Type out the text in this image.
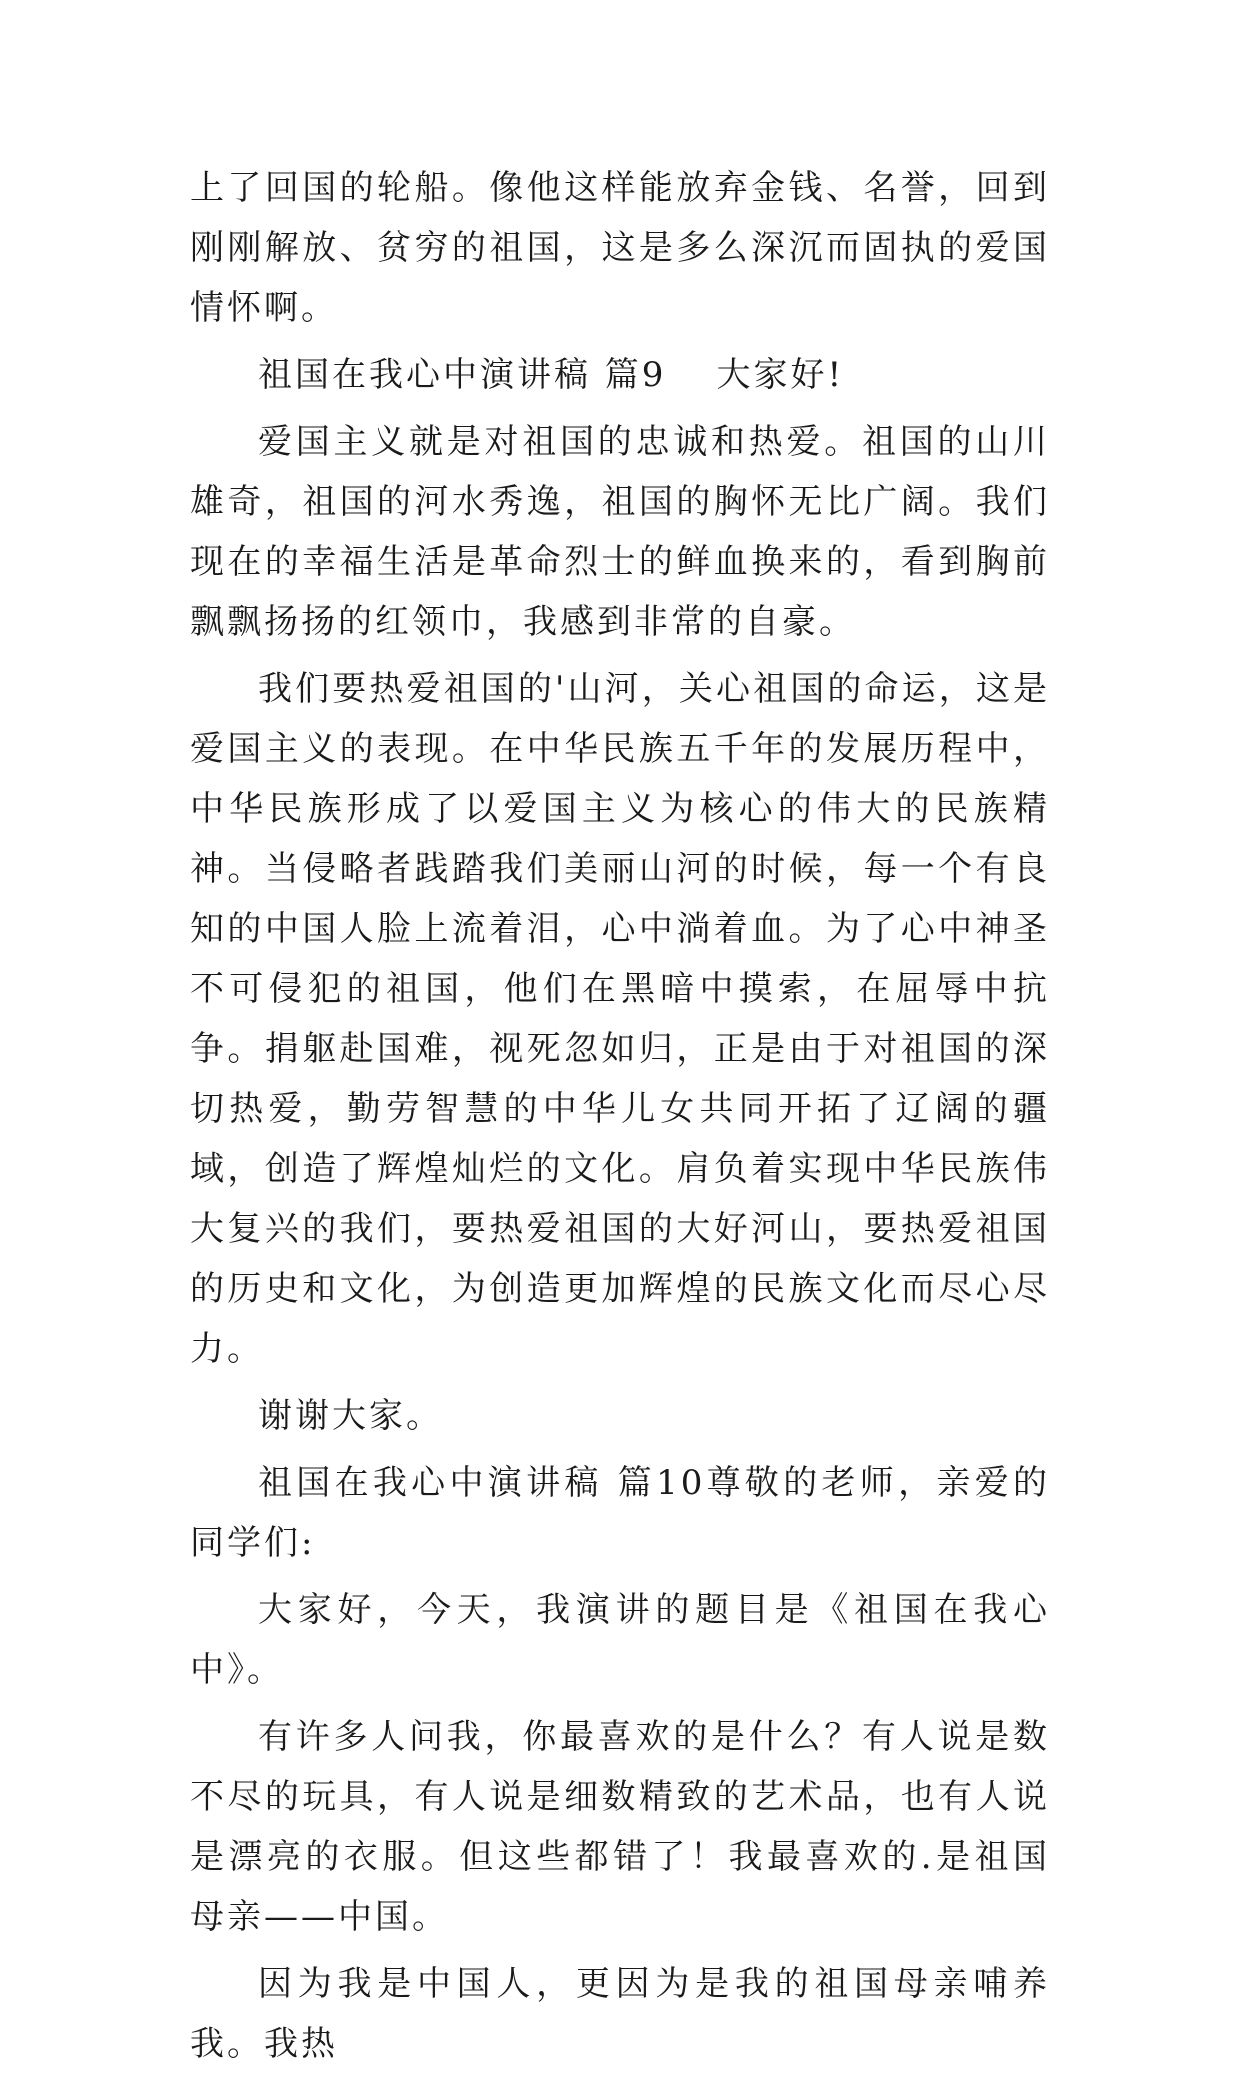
上了回国的轮船。像他这样能放弃金钱、名誉，回到刚刚解放、贫穷的祖国，这是多么深沉而固执的爱国情怀啊。

祖国在我心中演讲稿 篇9 大家好!

爱国主义就是对祖国的忠诚和热爱。祖国的山川雄奇，祖国的河水秀逸，祖国的胸怀无比广阔。我们现在的幸福生活是革命烈士的鲜血换来的，看到胸前飘飘扬扬的红领巾，我感到非常的自豪。

我们要热爱祖国的'山河，关心祖国的命运，这是爱国主义的表现。在中华民族五千年的发展历程中，中华民族形成了以爱国主义为核心的伟大的民族精神。当侵略者践踏我们美丽山河的时候，每一个有良知的中国人脸上流着泪，心中淌着血。为了心中神圣不可侵犯的祖国，他们在黑暗中摸索，在屈辱中抗争。捐躯赴国难，视死忽如归，正是由于对祖国的深切热爱，勤劳智慧的中华儿女共同开拓了辽阔的疆域，创造了辉煌灿烂的文化。肩负着实现中华民族伟大复兴的我们，要热爱祖国的大好河山，要热爱祖国的历史和文化，为创造更加辉煌的民族文化而尽心尽力。

谢谢大家。

祖国在我心中演讲稿 篇10尊敬的老师，亲爱的同学们:

大家好，今天，我演讲的题目是《祖国在我心中》。

有许多人问我，你最喜欢的是什么？有人说是数不尽的玩具，有人说是细数精致的艺术品，也有人说是漂亮的衣服。但这些都错了！我最喜欢的.是祖国母亲——中国。

因为我是中国人，更因为是我的祖国母亲哺养我。我热
